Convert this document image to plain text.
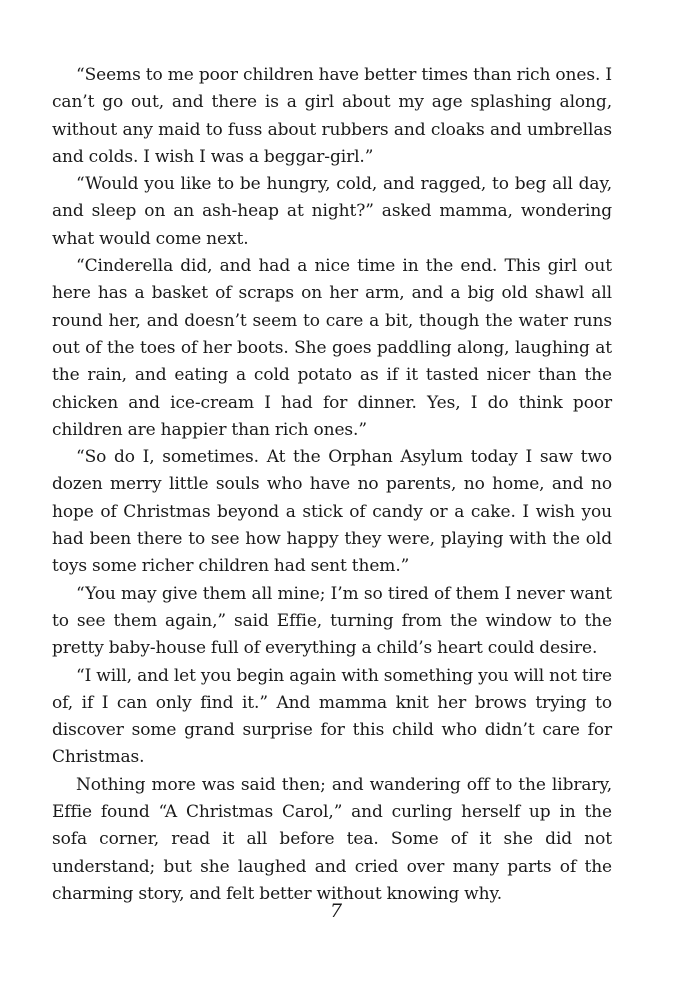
“Seems to me poor children have better times than rich ones. I can’t go out, and there is a girl about my age splashing along, without any maid to fuss about rubbers and cloaks and umbrellas and colds. I wish I was a beggar-girl.”

“Would you like to be hungry, cold, and ragged, to beg all day, and sleep on an ash-heap at night?” asked mamma, wondering what would come next.

“Cinderella did, and had a nice time in the end. This girl out here has a basket of scraps on her arm, and a big old shawl all round her, and doesn’t seem to care a bit, though the water runs out of the toes of her boots. She goes paddling along, laughing at the rain, and eating a cold potato as if it tasted nicer than the chicken and ice-cream I had for dinner. Yes, I do think poor children are happier than rich ones.”

“So do I, sometimes. At the Orphan Asylum today I saw two dozen merry little souls who have no parents, no home, and no hope of Christmas beyond a stick of candy or a cake. I wish you had been there to see how happy they were, playing with the old toys some richer children had sent them.”

“You may give them all mine; I’m so tired of them I never want to see them again,” said Effie, turning from the window to the pretty baby-house full of everything a child’s heart could desire.

“I will, and let you begin again with something you will not tire of, if I can only find it.” And mamma knit her brows trying to discover some grand surprise for this child who didn’t care for Christmas.

Nothing more was said then; and wandering off to the library, Effie found “A Christmas Carol,” and curling herself up in the sofa corner, read it all before tea. Some of it she did not understand; but she laughed and cried over many parts of the charming story, and felt better without knowing why.

7
